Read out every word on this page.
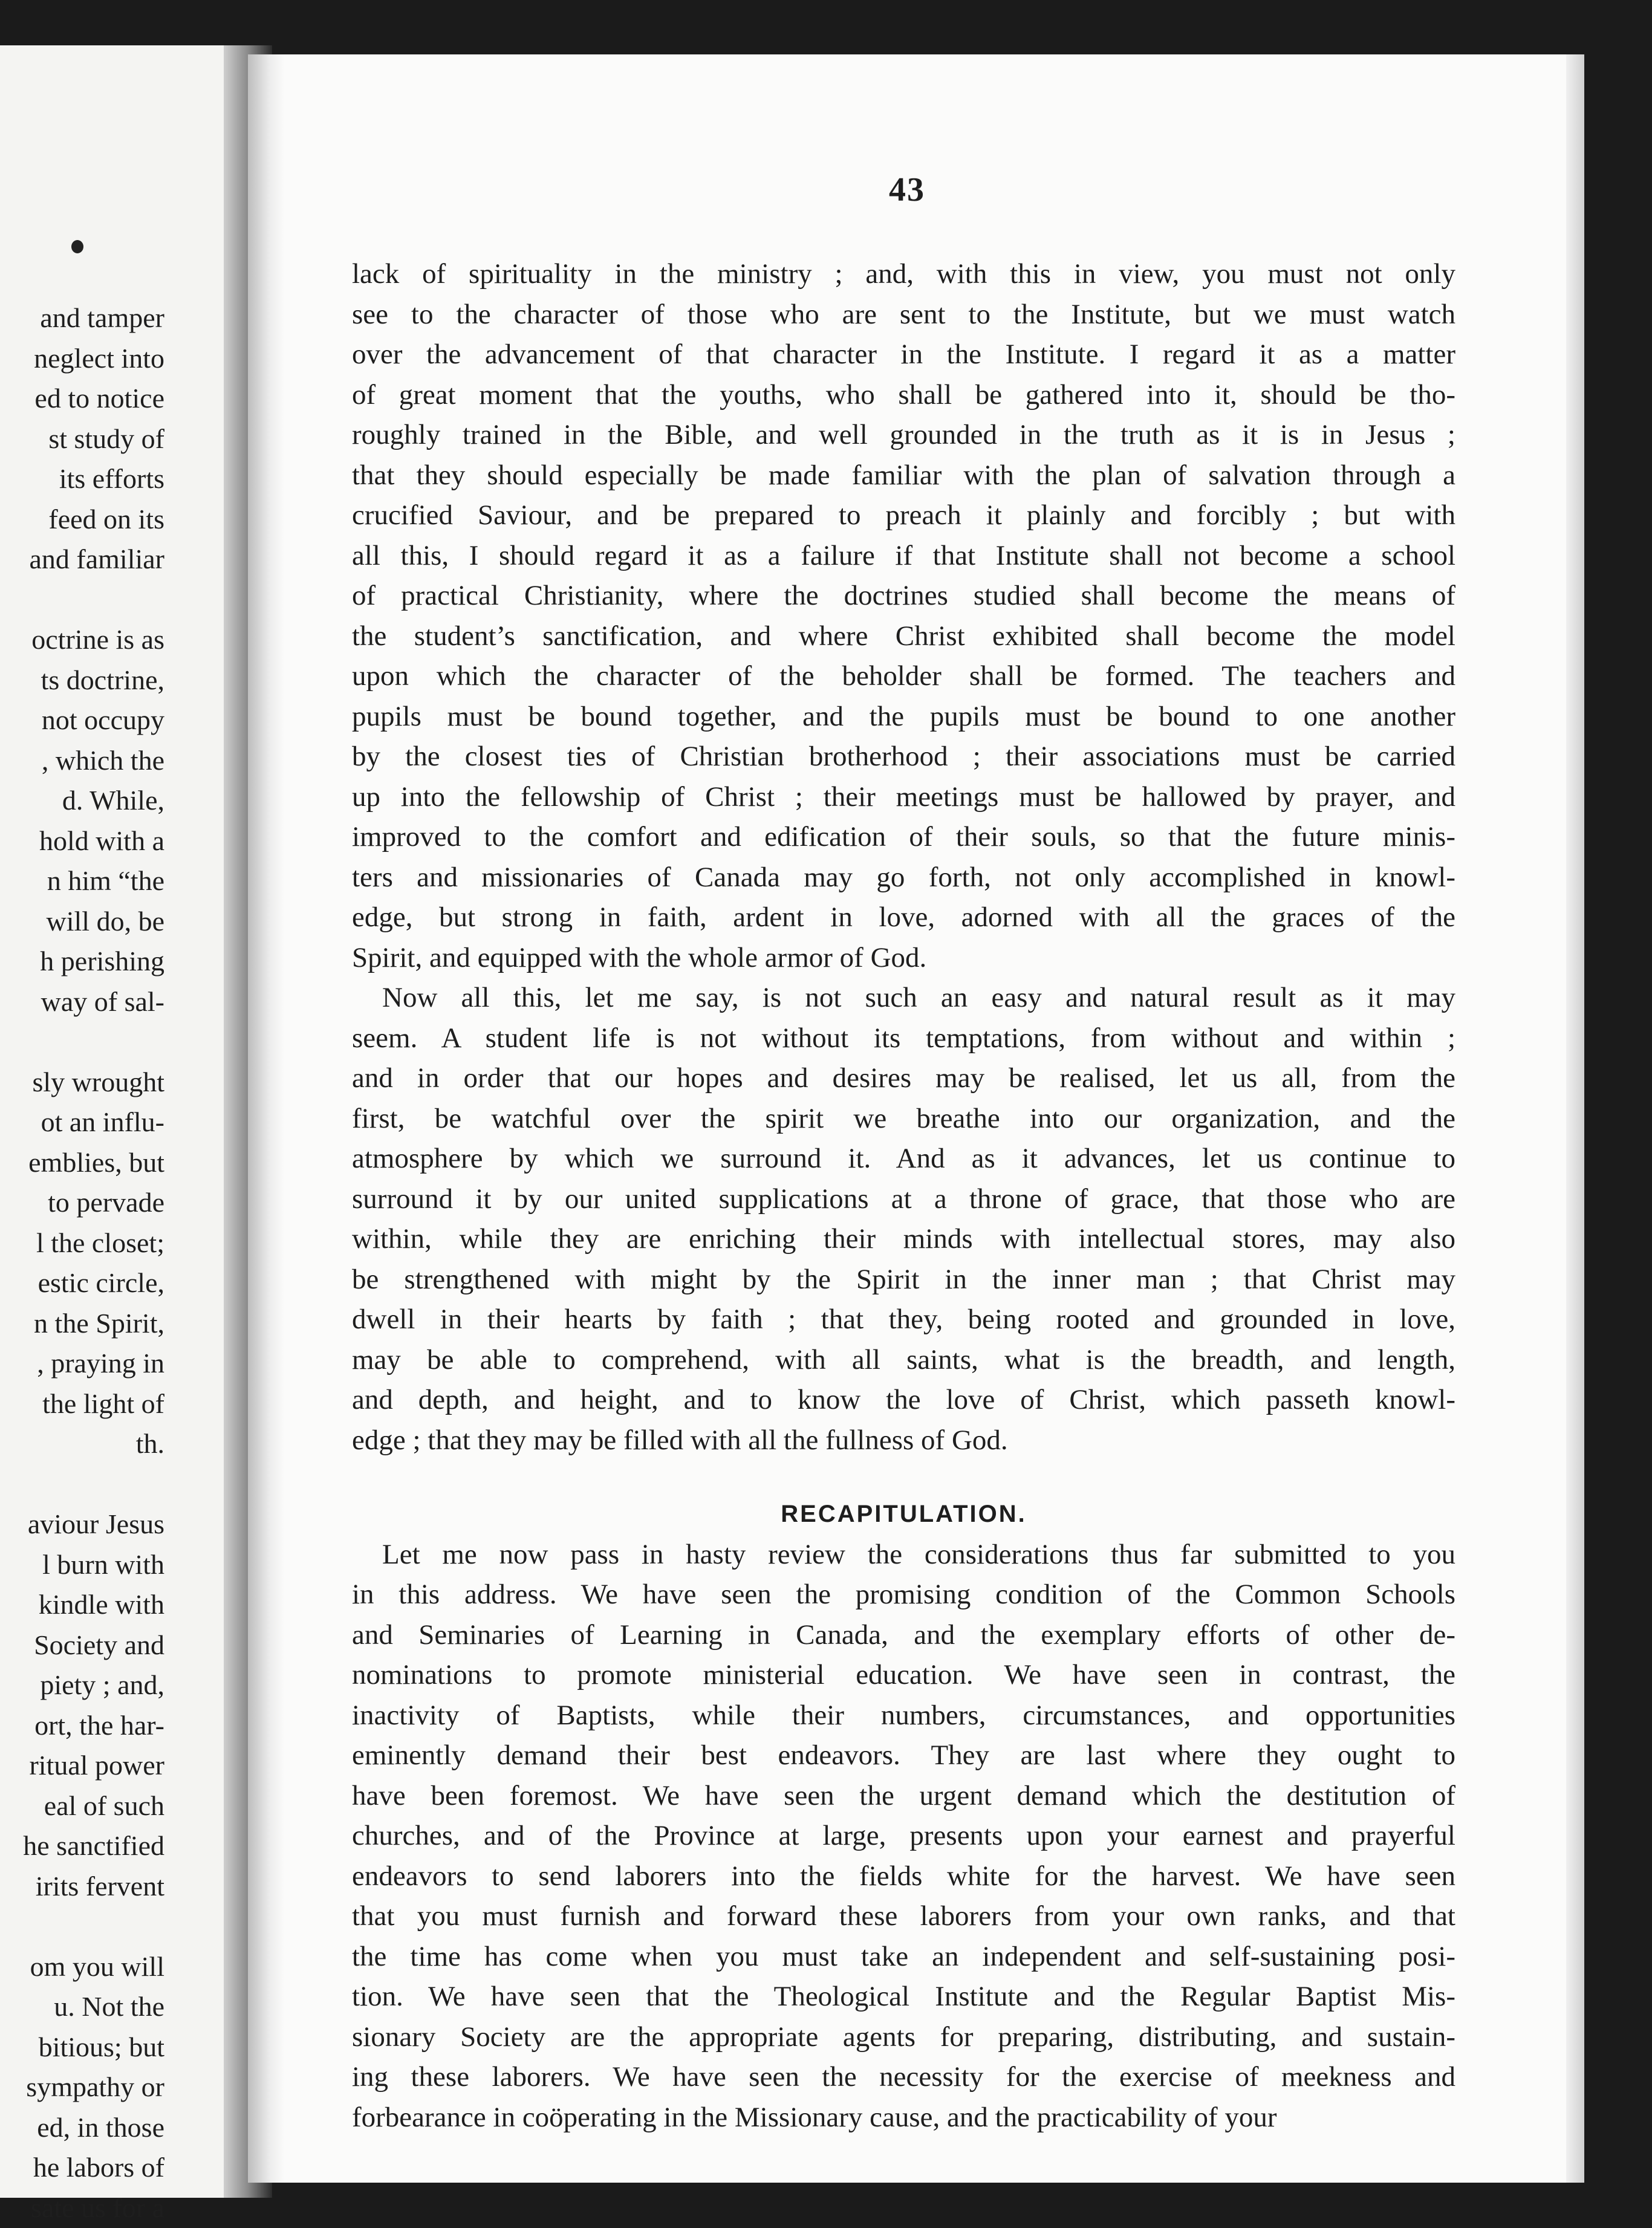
and tamper
neglect into
ed to notice
st study of
its efforts
feed on its
and familiar
octrine is as
ts doctrine,
not occupy
, which the
d. While,
hold with a
n him “the
will do, be
h perishing
way of sal-
sly wrought
ot an influ-
emblies, but
to pervade
l the closet;
estic circle,
n the Spirit,
, praying in
the light of
th.
aviour Jesus
l burn with
kindle with
Society and
piety ; and,
ort, the har-
ritual power
eal of such
he sanctified
irits fervent
om you will
u. Not the
bitious; but
sympathy or
ed, in those
he labors of
sate us for a
43
lack of spirituality in the ministry ; and, with this in view, you must not only
see to the character of those who are sent to the Institute, but we must watch
over the advancement of that character in the Institute. I regard it as a matter
of great moment that the youths, who shall be gathered into it, should be tho-
roughly trained in the Bible, and well grounded in the truth as it is in Jesus ;
that they should especially be made familiar with the plan of salvation through a
crucified Saviour, and be prepared to preach it plainly and forcibly ; but with
all this, I should regard it as a failure if that Institute shall not become a school
of practical Christianity, where the doctrines studied shall become the means of
the student’s sanctification, and where Christ exhibited shall become the model
upon which the character of the beholder shall be formed. The teachers and
pupils must be bound together, and the pupils must be bound to one another
by the closest ties of Christian brotherhood ; their associations must be carried
up into the fellowship of Christ ; their meetings must be hallowed by prayer, and
improved to the comfort and edification of their souls, so that the future minis-
ters and missionaries of Canada may go forth, not only accomplished in knowl-
edge, but strong in faith, ardent in love, adorned with all the graces of the
Spirit, and equipped with the whole armor of God.
Now all this, let me say, is not such an easy and natural result as it may
seem. A student life is not without its temptations, from without and within ;
and in order that our hopes and desires may be realised, let us all, from the
first, be watchful over the spirit we breathe into our organization, and the
atmosphere by which we surround it. And as it advances, let us continue to
surround it by our united supplications at a throne of grace, that those who are
within, while they are enriching their minds with intellectual stores, may also
be strengthened with might by the Spirit in the inner man ; that Christ may
dwell in their hearts by faith ; that they, being rooted and grounded in love,
may be able to comprehend, with all saints, what is the breadth, and length,
and depth, and height, and to know the love of Christ, which passeth knowl-
edge ; that they may be filled with all the fullness of God.
RECAPITULATION.
Let me now pass in hasty review the considerations thus far submitted to you
in this address. We have seen the promising condition of the Common Schools
and Seminaries of Learning in Canada, and the exemplary efforts of other de-
nominations to promote ministerial education. We have seen in contrast, the
inactivity of Baptists, while their numbers, circumstances, and opportunities
eminently demand their best endeavors. They are last where they ought to
have been foremost. We have seen the urgent demand which the destitution of
churches, and of the Province at large, presents upon your earnest and prayerful
endeavors to send laborers into the fields white for the harvest. We have seen
that you must furnish and forward these laborers from your own ranks, and that
the time has come when you must take an independent and self-sustaining posi-
tion. We have seen that the Theological Institute and the Regular Baptist Mis-
sionary Society are the appropriate agents for preparing, distributing, and sustain-
ing these laborers. We have seen the necessity for the exercise of meekness and
forbearance in coöperating in the Missionary cause, and the practicability of your
